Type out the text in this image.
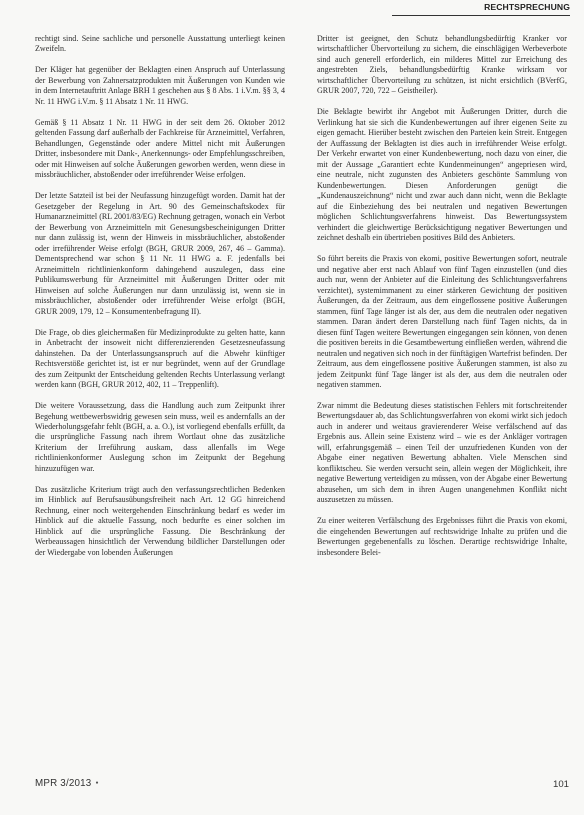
RECHTSPRECHUNG

rechtigt sind. Seine sachliche und personelle Ausstattung unterliegt keinen Zweifeln.

Der Kläger hat gegenüber der Beklagten einen Anspruch auf Unterlassung der Bewerbung von Zahnersatzprodukten mit Äußerungen von Kunden wie in dem Internetauftritt Anlage BRH 1 geschehen aus § 8 Abs. 1 i.V.m. §§ 3, 4 Nr. 11 HWG i.V.m. § 11 Absatz 1 Nr. 11 HWG.

Gemäß § 11 Absatz 1 Nr. 11 HWG in der seit dem 26. Oktober 2012 geltenden Fassung darf außerhalb der Fachkreise für Arzneimittel, Verfahren, Behandlungen, Gegenstände oder andere Mittel nicht mit Äußerungen Dritter, insbesondere mit Dank-, Anerkennungs- oder Empfehlungsschreiben, oder mit Hinweisen auf solche Äußerungen geworben werden, wenn diese in missbräuchlicher, abstoßender oder irreführender Weise erfolgen.

Der letzte Satzteil ist bei der Neufassung hinzugefügt worden. Damit hat der Gesetzgeber der Regelung in Art. 90 des Gemeinschaftskodex für Humanarzneimittel (RL 2001/83/EG) Rechnung getragen, wonach ein Verbot der Bewerbung von Arzneimitteln mit Genesungsbescheinigungen Dritter nur dann zulässig ist, wenn der Hinweis in missbräuchlicher, abstoßender oder irreführender Weise erfolgt (BGH, GRUR 2009, 267, 46 – Gamma). Dementsprechend war schon § 11 Nr. 11 HWG a. F. jedenfalls bei Arzneimitteln richtlinienkonform dahingehend auszulegen, dass eine Publikumswerbung für Arzneimittel mit Äußerungen Dritter oder mit Hinweisen auf solche Äußerungen nur dann unzulässig ist, wenn sie in missbräuchlicher, abstoßender oder irreführender Weise erfolgt (BGH, GRUR 2009, 179, 12 – Konsumentenbefragung II).

Die Frage, ob dies gleichermaßen für Medizinprodukte zu gelten hatte, kann in Anbetracht der insoweit nicht differenzierenden Gesetzesneufassung dahinstehen. Da der Unterlassungsanspruch auf die Abwehr künftiger Rechtsverstöße gerichtet ist, ist er nur begründet, wenn auf der Grundlage des zum Zeitpunkt der Entscheidung geltenden Rechts Unterlassung verlangt werden kann (BGH, GRUR 2012, 402, 11 – Treppenlift).

Die weitere Voraussetzung, dass die Handlung auch zum Zeitpunkt ihrer Begehung wettbewerbswidrig gewesen sein muss, weil es andernfalls an der Wiederholungsgefahr fehlt (BGH, a. a. O.), ist vorliegend ebenfalls erfüllt, da die ursprüngliche Fassung nach ihrem Wortlaut ohne das zusätzliche Kriterium der Irreführung auskam, dass allenfalls im Wege richtlinienkonformer Auslegung schon im Zeitpunkt der Begehung hinzuzufügen war.

Das zusätzliche Kriterium trägt auch den verfassungsrechtlichen Bedenken im Hinblick auf Berufsausübungsfreiheit nach Art. 12 GG hinreichend Rechnung, einer noch weitergehenden Einschränkung bedarf es weder im Hinblick auf die aktuelle Fassung, noch bedurfte es einer solchen im Hinblick auf die ursprüngliche Fassung. Die Beschränkung der Werbeaussagen hinsichtlich der Verwendung bildlicher Darstellungen oder der Wiedergabe von lobenden Äußerungen

Dritter ist geeignet, den Schutz behandlungsbedürftig Kranker vor wirtschaftlicher Übervorteilung zu sichern, die einschlägigen Werbeverbote sind auch generell erforderlich, ein milderes Mittel zur Erreichung des angestrebten Ziels, behandlungsbedürftig Kranke wirksam vor wirtschaftlicher Übervorteilung zu schützen, ist nicht ersichtlich (BVerfG, GRUR 2007, 720, 722 – Geistheiler).

Die Beklagte bewirbt ihr Angebot mit Äußerungen Dritter, durch die Verlinkung hat sie sich die Kundenbewertungen auf ihrer eigenen Seite zu eigen gemacht. Hierüber besteht zwischen den Parteien kein Streit. Entgegen der Auffassung der Beklagten ist dies auch in irreführender Weise erfolgt. Der Verkehr erwartet von einer Kundenbewertung, noch dazu von einer, die mit der Aussage „Garantiert echte Kundenmeinungen“ angepriesen wird, eine neutrale, nicht zugunsten des Anbieters geschönte Sammlung von Kundenbewertungen. Diesen Anforderungen genügt die „Kundenauszeichnung“ nicht und zwar auch dann nicht, wenn die Beklagte auf die Einbeziehung des bei neutralen und negativen Bewertungen möglichen Schlichtungsverfahrens hinweist. Das Bewertungssystem verhindert die gleichwertige Berücksichtigung negativer Bewertungen und zeichnet deshalb ein übertrieben positives Bild des Anbieters.

So führt bereits die Praxis von ekomi, positive Bewertungen sofort, neutrale und negative aber erst nach Ablauf von fünf Tagen einzustellen (und dies auch nur, wenn der Anbieter auf die Einleitung des Schlichtungsverfahrens verzichtet), systemimmanent zu einer stärkeren Gewichtung der positiven Äußerungen, da der Zeitraum, aus dem eingeflossene positive Äußerungen stammen, fünf Tage länger ist als der, aus dem die neutralen oder negativen stammen. Daran ändert deren Darstellung nach fünf Tagen nichts, da in diesen fünf Tagen weitere Bewertungen eingegangen sein können, von denen die positiven bereits in die Gesamtbewertung einfließen werden, während die neutralen und negativen sich noch in der fünftägigen Wartefrist befinden. Der Zeitraum, aus dem eingeflossene positive Äußerungen stammen, ist also zu jedem Zeitpunkt fünf Tage länger ist als der, aus dem die neutralen oder negativen stammen.

Zwar nimmt die Bedeutung dieses statistischen Fehlers mit fortschreitender Bewertungsdauer ab, das Schlichtungsverfahren von ekomi wirkt sich jedoch auch in anderer und weitaus gravierenderer Weise verfälschend auf das Ergebnis aus. Allein seine Existenz wird – wie es der Ankläger vortragen will, erfahrungsgemäß – einen Teil der unzufriedenen Kunden von der Abgabe einer negativen Bewertung abhalten. Viele Menschen sind konfliktscheu. Sie werden versucht sein, allein wegen der Möglichkeit, ihre negative Bewertung verteidigen zu müssen, von der Abgabe einer Bewertung abzusehen, um sich dem in ihren Augen unangenehmen Konflikt nicht auszusetzen zu müssen.

Zu einer weiteren Verfälschung des Ergebnisses führt die Praxis von ekomi, die eingehenden Bewertungen auf rechtswidrige Inhalte zu prüfen und die Bewertungen gegebenenfalls zu löschen. Derartige rechtswidrige Inhalte, insbesondere Belei-

MPR 3/2013 ●	101
